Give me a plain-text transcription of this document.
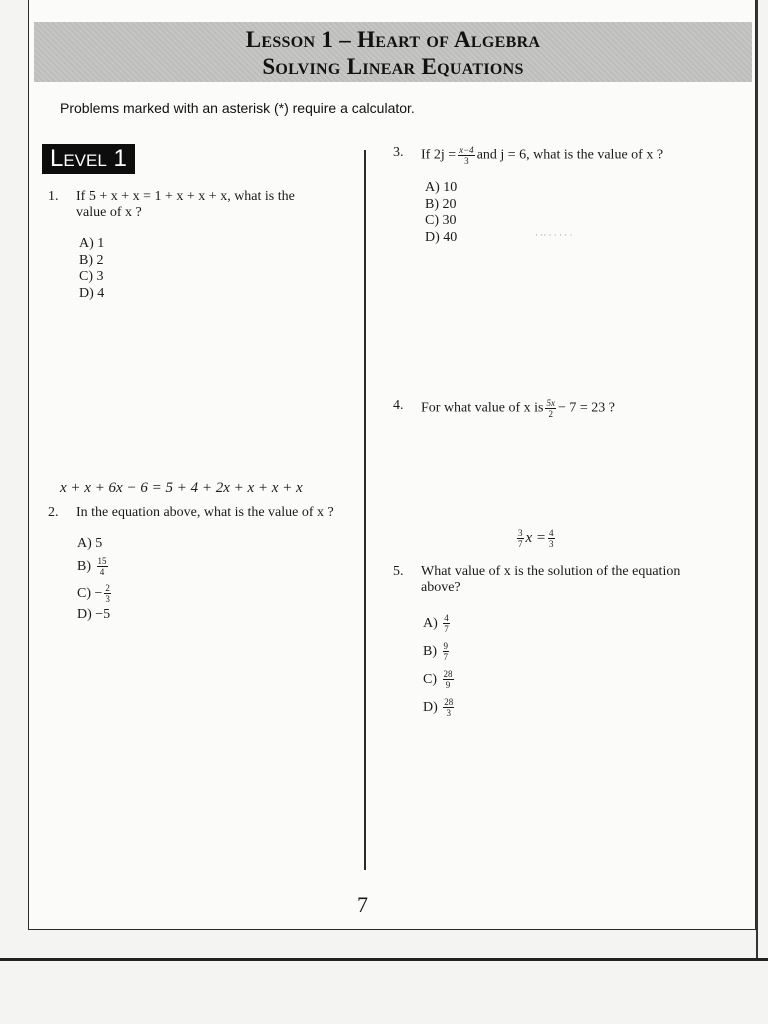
Lesson 1 – Heart of Algebra
Solving Linear Equations
Problems marked with an asterisk (*) require a calculator.
Level 1
1. If 5 + x + x = 1 + x + x + x, what is the
value of x ?
A) 1
B) 2
C) 3
D) 4
x + x + 6x − 6 = 5 + 4 + 2x + x + x + x
2. In the equation above, what is the value of x ?
A) 5
$B) \frac{15}{4}$
$C) - \frac{2}{3}$
D) −5
3. If $2j = \frac{x-4}{3}$ and j = 6, what is the value of x ?
A) 10
B) 20
C) 30
D) 40
4. For what value of x is $\frac{5x}{2} - 7 = 23$ ?
$\frac{3}{7}$ $x = \frac{4}{3}$
5. What value of x is the solution of the equation
above?
$A) \frac{4}{7}$
$B) \frac{9}{7}$
$C) \frac{28}{9}$
$D) \frac{28}{3}$
7
· ·· · · · · ·
